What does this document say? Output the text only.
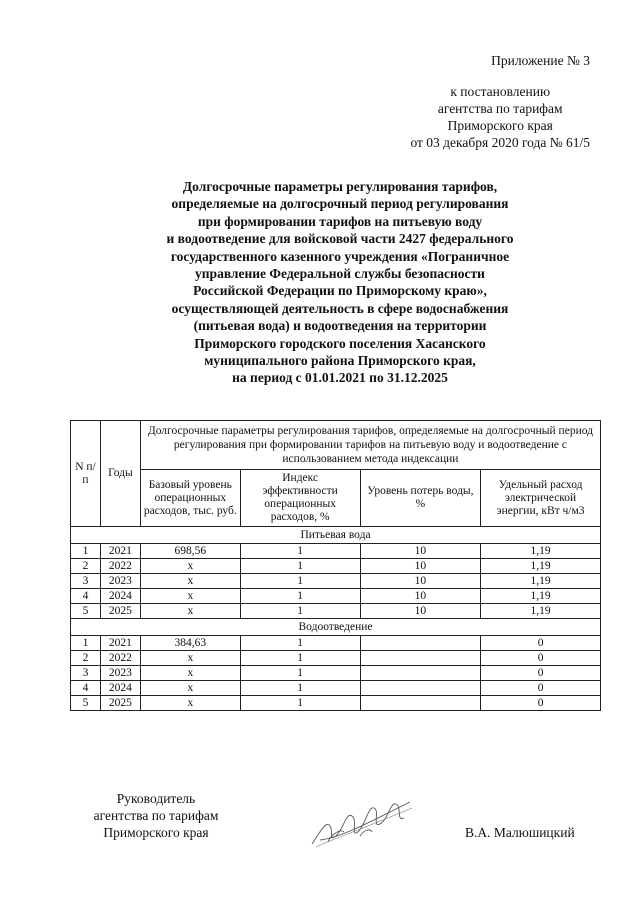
Приложение № 3
к постановлению
агентства по тарифам
Приморского края
от 03 декабря 2020 года № 61/5
Долгосрочные параметры регулирования тарифов,
определяемые на долгосрочный период регулирования
при формировании тарифов на питьевую воду
и водоотведение для войсковой части 2427 федерального
государственного казенного учреждения «Пограничное
управление Федеральной службы безопасности
Российской Федерации по Приморскому краю»,
осуществляющей деятельность в сфере водоснабжения
(питьевая вода) и водоотведения на территории
Приморского городского поселения Хасанского
муниципального района Приморского края,
на период с 01.01.2021 по 31.12.2025
N п/п	Годы	Долгосрочные параметры регулирования тарифов, определяемые на долгосрочный период регулирования при формировании тарифов на питьевую воду и водоотведение с использованием метода индексации			
		Базовый уровень операционных расходов, тыс. руб.	Индекс эффективности операционных расходов, %	Уровень потерь воды, %	Удельный расход электрической энергии, кВт ч/м3
Питьевая вода					
1	2021	698,56	1	10	1,19
2	2022	x	1	10	1,19
3	2023	x	1	10	1,19
4	2024	x	1	10	1,19
5	2025	x	1	10	1,19
Водоотведение					
1	2021	384,63	1		0
2	2022	x	1		0
3	2023	x	1		0
4	2024	x	1		0
5	2025	x	1		0
Руководитель
агентства по тарифам
Приморского края	В.А. Малюшицкий
